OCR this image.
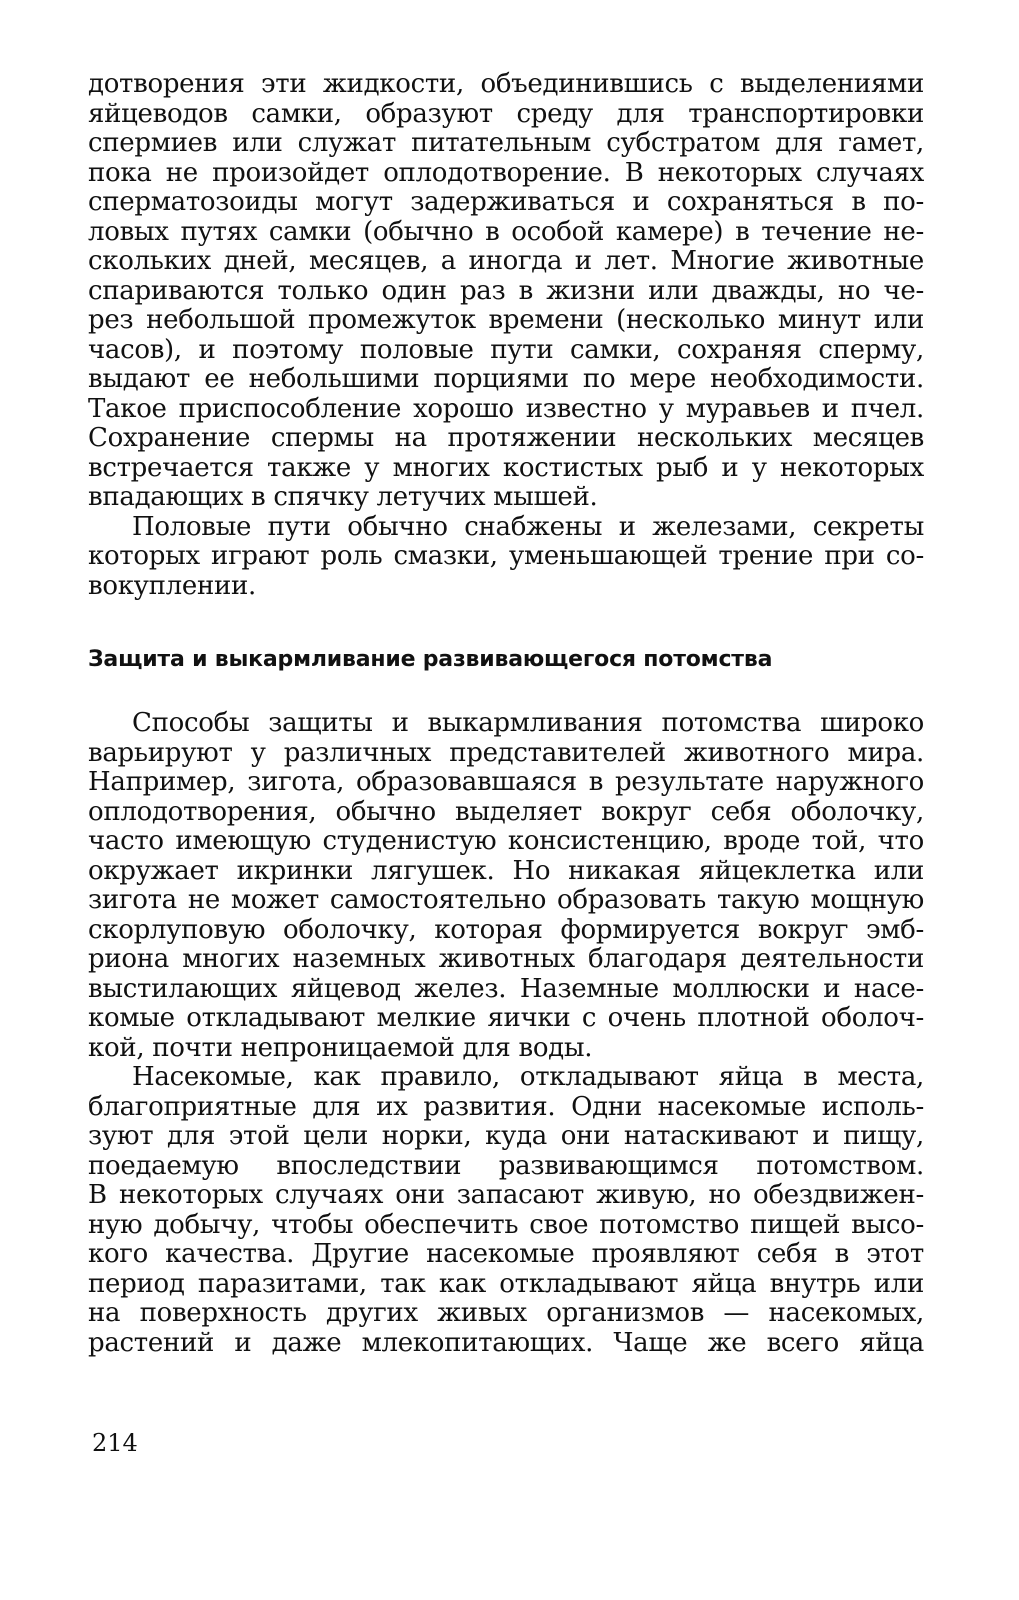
дотворения эти жидкости, объединившись с выделениями
яйцеводов самки, образуют среду для транспортировки
спермиев или служат питательным субстратом для гамет,
пока не произойдет оплодотворение. В некоторых случаях
сперматозоиды могут задерживаться и сохраняться в по-
ловых путях самки (обычно в особой камере) в течение не-
скольких дней, месяцев, а иногда и лет. Многие животные
спариваются только один раз в жизни или дважды, но че-
рез небольшой промежуток времени (несколько минут или
часов), и поэтому половые пути самки, сохраняя сперму,
выдают ее небольшими порциями по мере необходимости.
Такое приспособление хорошо известно у муравьев и пчел.
Сохранение спермы на протяжении нескольких месяцев
встречается также у многих костистых рыб и у некоторых
впадающих в спячку летучих мышей.
Половые пути обычно снабжены и железами, секреты
которых играют роль смазки, уменьшающей трение при со-
вокуплении.
Защита и выкармливание развивающегося потомства
Способы защиты и выкармливания потомства широко
варьируют у различных представителей животного мира.
Например, зигота, образовавшаяся в результате наружного
оплодотворения, обычно выделяет вокруг себя оболочку,
часто имеющую студенистую консистенцию, вроде той, что
окружает икринки лягушек. Но никакая яйцеклетка или
зигота не может самостоятельно образовать такую мощную
скорлуповую оболочку, которая формируется вокруг эмб-
риона многих наземных животных благодаря деятельности
выстилающих яйцевод желез. Наземные моллюски и насе-
комые откладывают мелкие яички с очень плотной оболоч-
кой, почти непроницаемой для воды.
Насекомые, как правило, откладывают яйца в места,
благоприятные для их развития. Одни насекомые исполь-
зуют для этой цели норки, куда они натаскивают и пищу,
поедаемую впоследствии развивающимся потомством.
В некоторых случаях они запасают живую, но обездвижен-
ную добычу, чтобы обеспечить свое потомство пищей высо-
кого качества. Другие насекомые проявляют себя в этот
период паразитами, так как откладывают яйца внутрь или
на поверхность других живых организмов — насекомых,
растений и даже млекопитающих. Чаще же всего яйца
214
